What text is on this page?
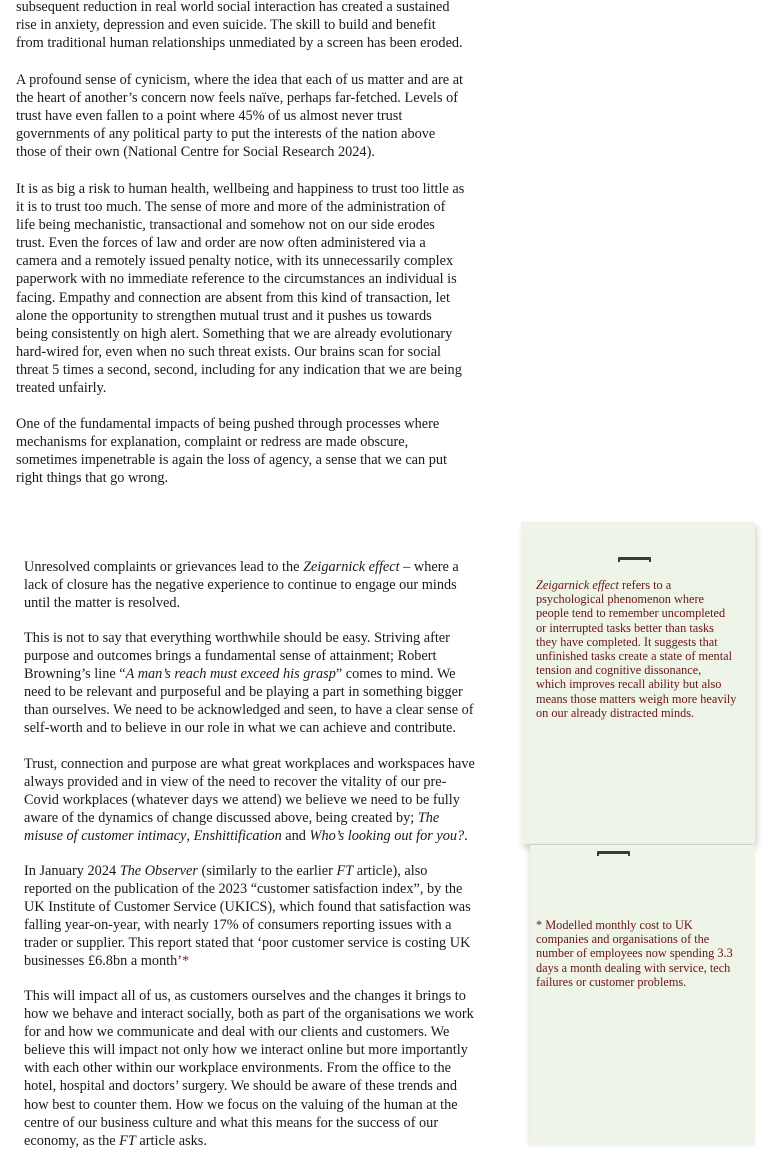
subsequent reduction in real world social interaction has created a sustained
rise in anxiety, depression and even suicide. The skill to build and benefit
from traditional human relationships unmediated by a screen has been eroded.

A profound sense of cynicism, where the idea that each of us matter and are at
the heart of another’s concern now feels naïve, perhaps far-fetched. Levels of
trust have even fallen to a point where 45% of us almost never trust
governments of any political party to put the interests of the nation above
those of their own (National Centre for Social Research 2024).

It is as big a risk to human health, wellbeing and happiness to trust too little as
it is to trust too much. The sense of more and more of the administration of
life being mechanistic, transactional and somehow not on our side erodes
trust. Even the forces of law and order are now often administered via a
camera and a remotely issued penalty notice, with its unnecessarily complex
paperwork with no immediate reference to the circumstances an individual is
facing. Empathy and connection are absent from this kind of transaction, let
alone the opportunity to strengthen mutual trust and it pushes us towards
being consistently on high alert. Something that we are already evolutionary
hard-wired for, even when no such threat exists. Our brains scan for social
threat 5 times a second, second, including for any indication that we are being
treated unfairly.

One of the fundamental impacts of being pushed through processes where
mechanisms for explanation, complaint or redress are made obscure,
sometimes impenetrable is again the loss of agency, a sense that we can put
right things that go wrong.

Zeigarnick effect refers to a
psychological phenomenon where
people tend to remember uncompleted
or interrupted tasks better than tasks
they have completed. It suggests that
unfinished tasks create a state of mental
tension and cognitive dissonance,
which improves recall ability but also
means those matters weigh more heavily
on our already distracted minds.

* Modelled monthly cost to UK
companies and organisations of the
number of employees now spending 3.3
days a month dealing with service, tech
failures or customer problems.

Unresolved complaints or grievances lead to the Zeigarnick effect – where a
lack of closure has the negative experience to continue to engage our minds
until the matter is resolved.

This is not to say that everything worthwhile should be easy. Striving after
purpose and outcomes brings a fundamental sense of attainment; Robert
Browning’s line “A man’s reach must exceed his grasp” comes to mind. We
need to be relevant and purposeful and be playing a part in something bigger
than ourselves. We need to be acknowledged and seen, to have a clear sense of
self-worth and to believe in our role in what we can achieve and contribute.

Trust, connection and purpose are what great workplaces and workspaces have
always provided and in view of the need to recover the vitality of our pre-
Covid workplaces (whatever days we attend) we believe we need to be fully
aware of the dynamics of change discussed above, being created by; The
misuse of customer intimacy, Enshittification and Who’s looking out for you?.

In January 2024 The Observer (similarly to the earlier FT article), also
reported on the publication of the 2023 “customer satisfaction index”, by the
UK Institute of Customer Service (UKICS), which found that satisfaction was
falling year-on-year, with nearly 17% of consumers reporting issues with a
trader or supplier. This report stated that ‘poor customer service is costing UK
businesses £6.8bn a month’*

This will impact all of us, as customers ourselves and the changes it brings to
how we behave and interact socially, both as part of the organisations we work
for and how we communicate and deal with our clients and customers. We
believe this will impact not only how we interact online but more importantly
with each other within our workplace environments. From the office to the
hotel, hospital and doctors’ surgery. We should be aware of these trends and
how best to counter them. How we focus on the valuing of the human at the
centre of our business culture and what this means for the success of our
economy, as the FT article asks.
